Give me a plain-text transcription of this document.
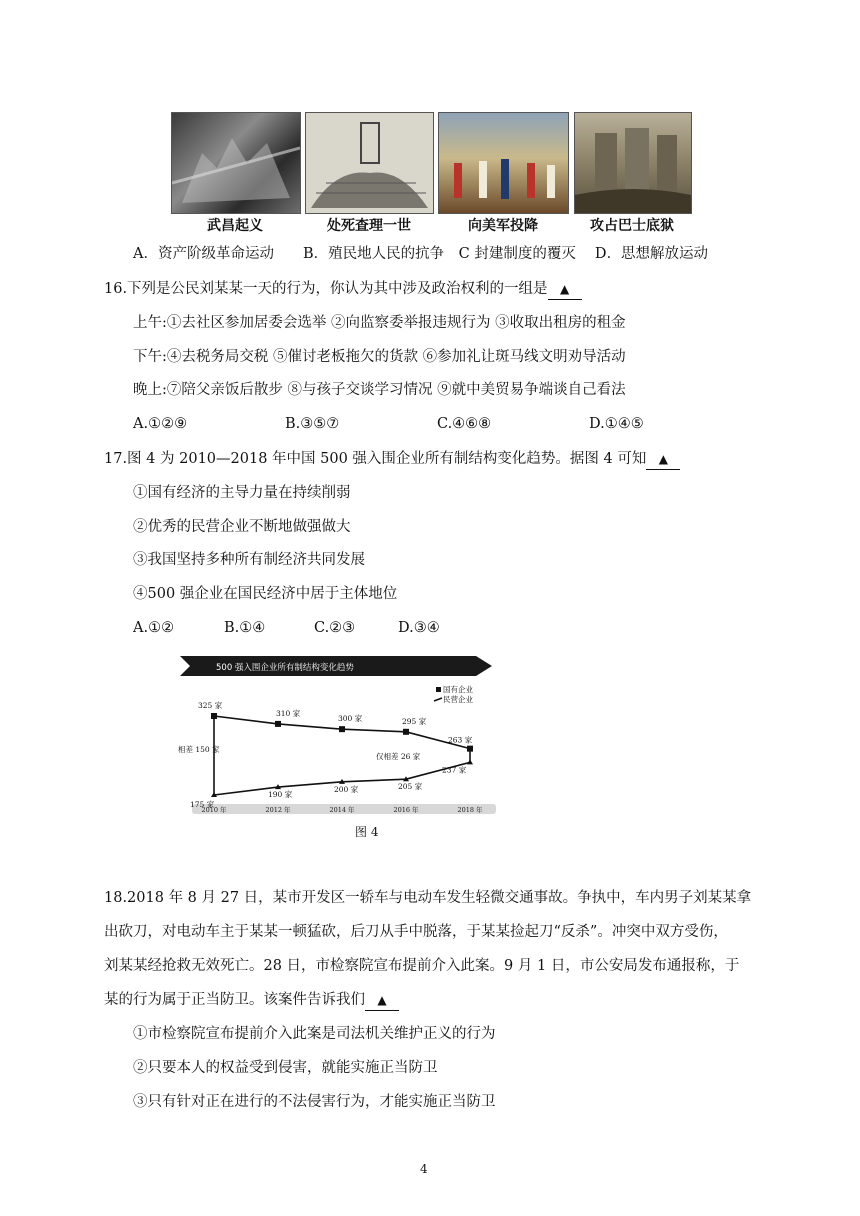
武昌起义	处死查理一世	向美军投降	攻占巴士底狱
A．资产阶级革命运动　　B．殖民地人民的抗争　C 封建制度的覆灭　 D．思想解放运动
16.下列是公民刘某某一天的行为，你认为其中涉及政治权利的一组是 ▲
上午:①去社区参加居委会选举 ②向监察委举报违规行为 ③收取出租房的租金
下午:④去税务局交税 ⑤催讨老板拖欠的货款 ⑥参加礼让斑马线文明劝导活动
晚上:⑦陪父亲饭后散步 ⑧与孩子交谈学习情况 ⑨就中美贸易争端谈自己看法
A.①②⑨	B.③⑤⑦	C.④⑥⑧	D.①④⑤
17.图 4 为 2010—2018 年中国 500 强入围企业所有制结构变化趋势。据图 4 可知 ▲
①国有经济的主导力量在持续削弱
②优秀的民营企业不断地做强做大
③我国坚持多种所有制经济共同发展
④500 强企业在国民经济中居于主体地位
A.①②	B.①④	C.②③	D.③④
500 强入围企业所有制结构变化趋势
2010 年	2012 年	2014 年	2016 年	2018 年
国有企业
民营企业
325 家
310 家
300 家	295 家
263 家
175 家
190 家
200 家	205 家
237 家
相差 150 家
仅相差 26 家
图 4
18.2018 年 8 月 27 日，某市开发区一轿车与电动车发生轻微交通事故。争执中，车内男子刘某某拿
出砍刀，对电动车主于某某一顿猛砍，后刀从手中脱落，于某某捡起刀“反杀”。冲突中双方受伤，
刘某某经抢救无效死亡。28 日，市检察院宣布提前介入此案。9 月 1 日，市公安局发布通报称，于
某的行为属于正当防卫。该案件告诉我们 ▲
①市检察院宣布提前介入此案是司法机关维护正义的行为
②只要本人的权益受到侵害，就能实施正当防卫
③只有针对正在进行的不法侵害行为，才能实施正当防卫
4
